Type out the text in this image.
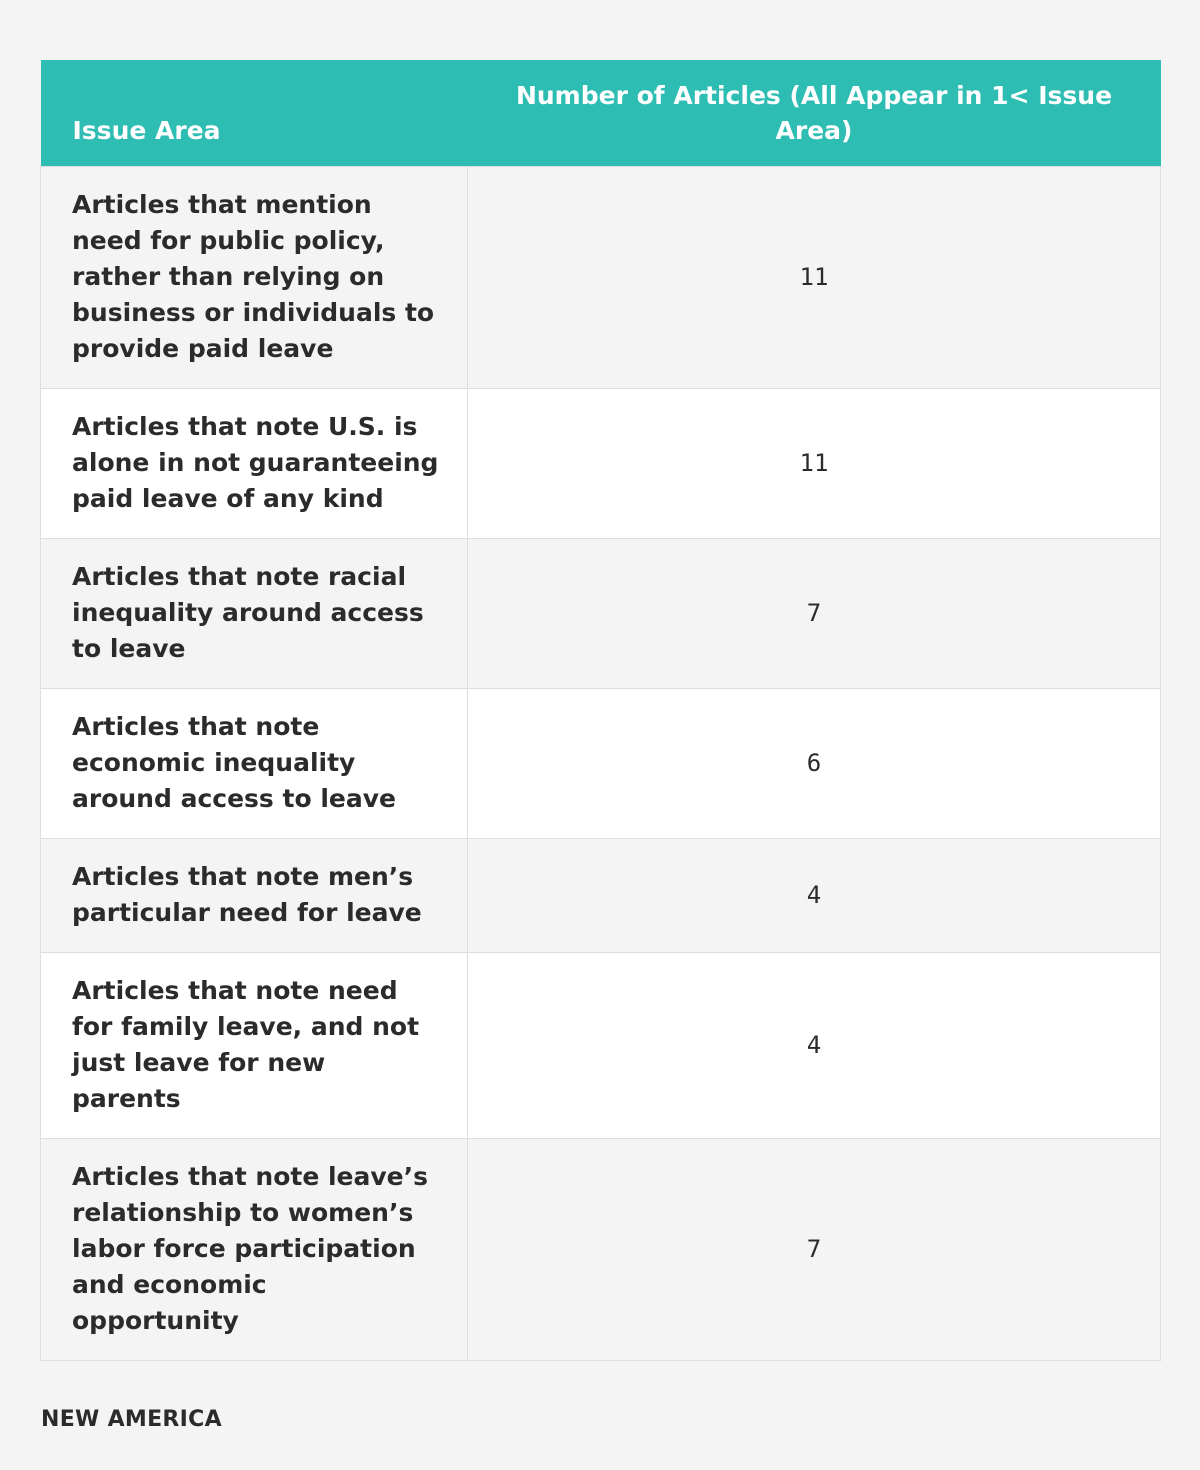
Issue Area	Number of Articles (All Appear in 1< Issue Area)
Articles that mention need for public policy, rather than relying on business or individuals to provide paid leave	11
Articles that note U.S. is alone in not guaranteeing paid leave of any kind	11
Articles that note racial inequality around access to leave	7
Articles that note economic inequality around access to leave	6
Articles that note men’s particular need for leave	4
Articles that note need for family leave, and not just leave for new parents	4
Articles that note leave’s relationship to women’s labor force participation and economic opportunity	7
NEW AMERICA
